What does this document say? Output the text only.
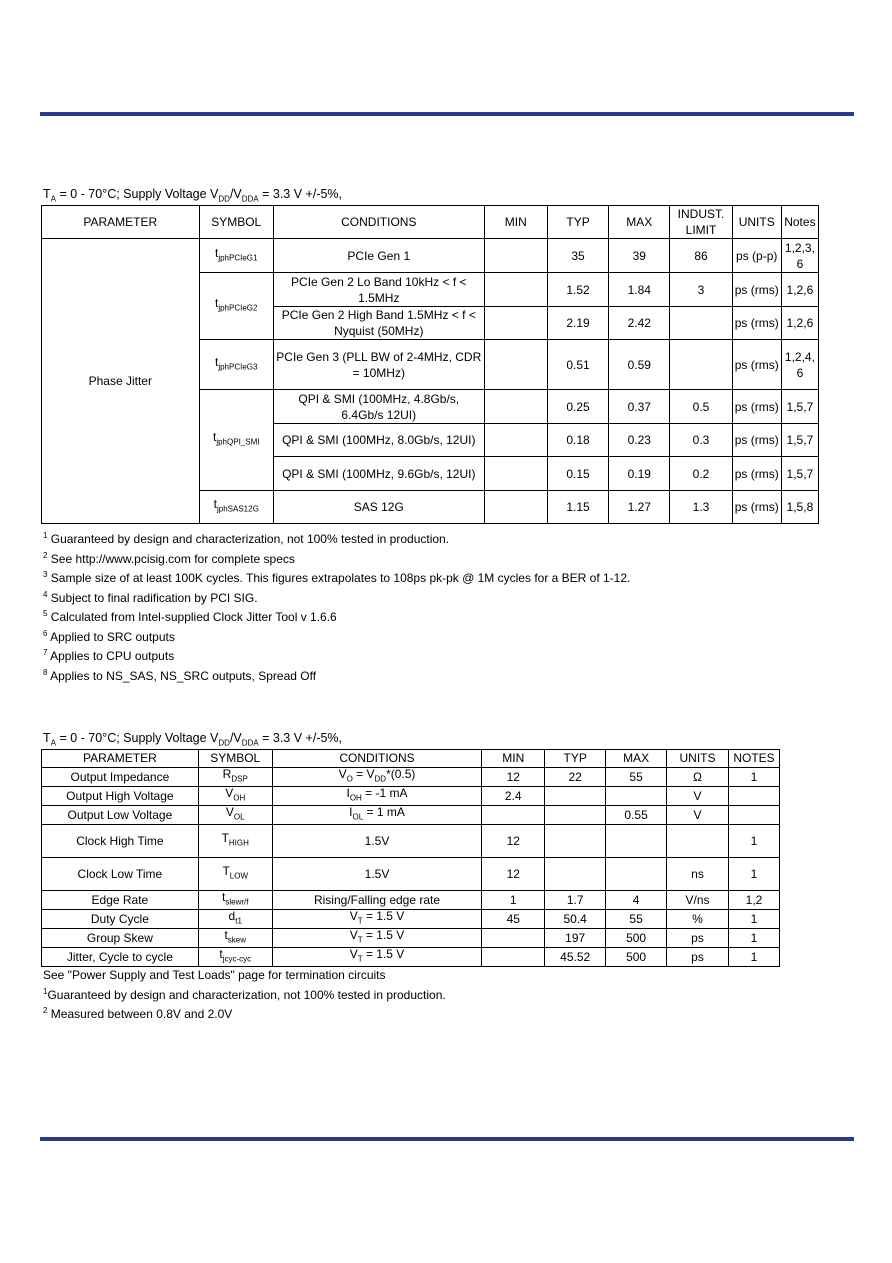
$T_A = 0 - 70^\circ C$; Supply Voltage $V_{DD}/V_{DDA} = 3.3$ V +/-5%,
PARAMETER	SYMBOL	CONDITIONS	MIN	TYP	MAX	INDUST. LIMIT	UNITS	Notes
Phase Jitter	$t_{jphPCIeG1}$	PCIe Gen 1		35	39	86	ps (p-p)	1,2,3, 6
	$t_{jphPCIeG2}$	PCIe Gen 2 Lo Band 10kHz < f < 1.5MHz		1.52	1.84	3	ps (rms)	1,2,6
		PCIe Gen 2 High Band 1.5MHz < f < Nyquist (50MHz)		2.19	2.42		ps (rms)	1,2,6
	$t_{jphPCIeG3}$	PCIe Gen 3 (PLL BW of 2-4MHz, CDR = 10MHz)		0.51	0.59		ps (rms)	1,2,4, 6
	$t_{jphQPI\_SMI}$	QPI & SMI (100MHz, 4.8Gb/s, 6.4Gb/s 12UI)		0.25	0.37	0.5	ps (rms)	1,5,7
		QPI & SMI (100MHz, 8.0Gb/s, 12UI)		0.18	0.23	0.3	ps (rms)	1,5,7
		QPI & SMI (100MHz, 9.6Gb/s, 12UI)		0.15	0.19	0.2	ps (rms)	1,5,7
	$t_{jphSAS12G}$	SAS 12G		1.15	1.27	1.3	ps (rms)	1,5,8
$^1$ Guaranteed by design and characterization, not 100% tested in production.
$^2$ See http://www.pcisig.com for complete specs
$^3$ Sample size of at least 100K cycles. This figures extrapolates to 108ps pk-pk @ 1M cycles for a BER of 1-12.
$^4$ Subject to final radification by PCI SIG.
$^5$ Calculated from Intel-supplied Clock Jitter Tool v 1.6.6
$^6$ Applied to SRC outputs
$^7$ Applies to CPU outputs
$^8$ Applies to NS_SAS, NS_SRC outputs, Spread Off
$T_A = 0 - 70^\circ C$; Supply Voltage $V_{DD}/V_{DDA} = 3.3$ V +/-5%,
PARAMETER	SYMBOL	CONDITIONS	MIN	TYP	MAX	UNITS	NOTES
Output Impedance	$R_{DSP}$	$V_O = V_{DD}*(0.5)$	12	22	55	Ω	1
Output High Voltage	$V_{OH}$	$I_{OH} = -1$ mA	2.4			V	
Output Low Voltage	$V_{OL}$	$I_{OL} = 1$ mA			0.55	V	
Clock High Time	$T_{HIGH}$	1.5V	12				1
Clock Low Time	$T_{LOW}$	1.5V	12			ns	1
Edge Rate	$t_{slewr/f}$	Rising/Falling edge rate	1	1.7	4	V/ns	1,2
Duty Cycle	$d_{t1}$	$V_T = 1.5$ V	45	50.4	55	%	1
Group Skew	$t_{skew}$	$V_T = 1.5$ V		197	500	ps	1
Jitter, Cycle to cycle	$t_{jcyc-cyc}$	$V_T = 1.5$ V		45.52	500	ps	1
See "Power Supply and Test Loads" page for termination circuits
$^1$Guaranteed by design and characterization, not 100% tested in production.
$^2$ Measured between 0.8V and 2.0V
